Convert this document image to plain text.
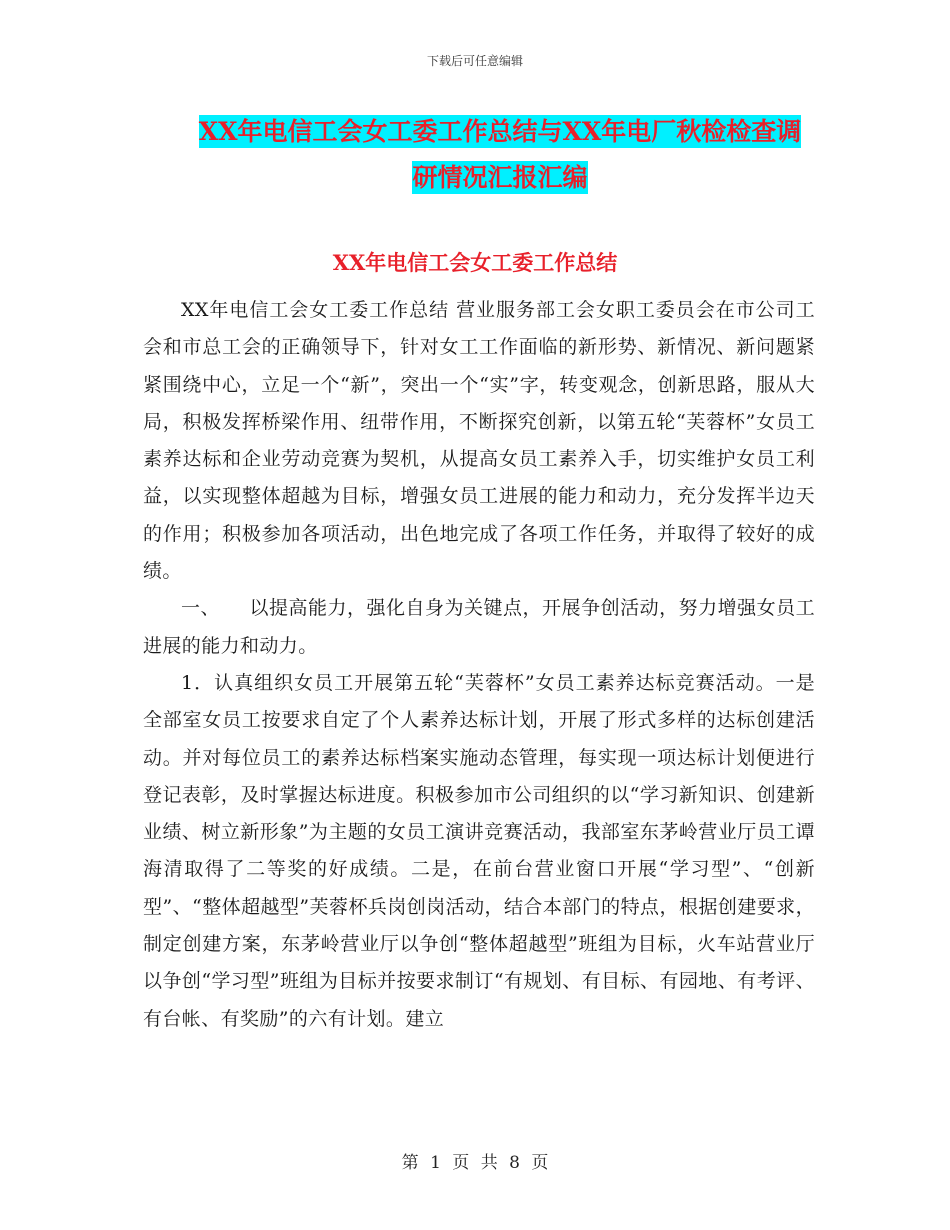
下载后可任意编辑
XX年电信工会女工委工作总结与XX年电厂秋检检查调
研情况汇报汇编
XX年电信工会女工委工作总结

XX年电信工会女工委工作总结 营业服务部工会女职工委员会在市公司工会和市总工会的正确领导下，针对女工工作面临的新形势、新情况、新问题紧紧围绕中心，立足一个“新”，突出一个“实”字，转变观念，创新思路，服从大局，积极发挥桥梁作用、纽带作用，不断探究创新，以第五轮“芙蓉杯”女员工素养达标和企业劳动竞赛为契机，从提高女员工素养入手，切实维护女员工利益，以实现整体超越为目标，增强女员工进展的能力和动力，充分发挥半边天的作用；积极参加各项活动，出色地完成了各项工作任务，并取得了较好的成绩。

一、　　以提高能力，强化自身为关键点，开展争创活动，努力增强女员工进展的能力和动力。

1．认真组织女员工开展第五轮“芙蓉杯”女员工素养达标竞赛活动。一是全部室女员工按要求自定了个人素养达标计划，开展了形式多样的达标创建活动。并对每位员工的素养达标档案实施动态管理，每实现一项达标计划便进行登记表彰，及时掌握达标进度。积极参加市公司组织的以“学习新知识、创建新业绩、树立新形象”为主题的女员工演讲竞赛活动，我部室东茅岭营业厅员工谭海清取得了二等奖的好成绩。二是，在前台营业窗口开展“学习型”、“创新型”、“整体超越型”芙蓉杯兵岗创岗活动，结合本部门的特点，根据创建要求，制定创建方案，东茅岭营业厅以争创“整体超越型”班组为目标，火车站营业厅以争创“学习型”班组为目标并按要求制订“有规划、有目标、有园地、有考评、有台帐、有奖励”的六有计划。建立

第 1 页 共 8 页
